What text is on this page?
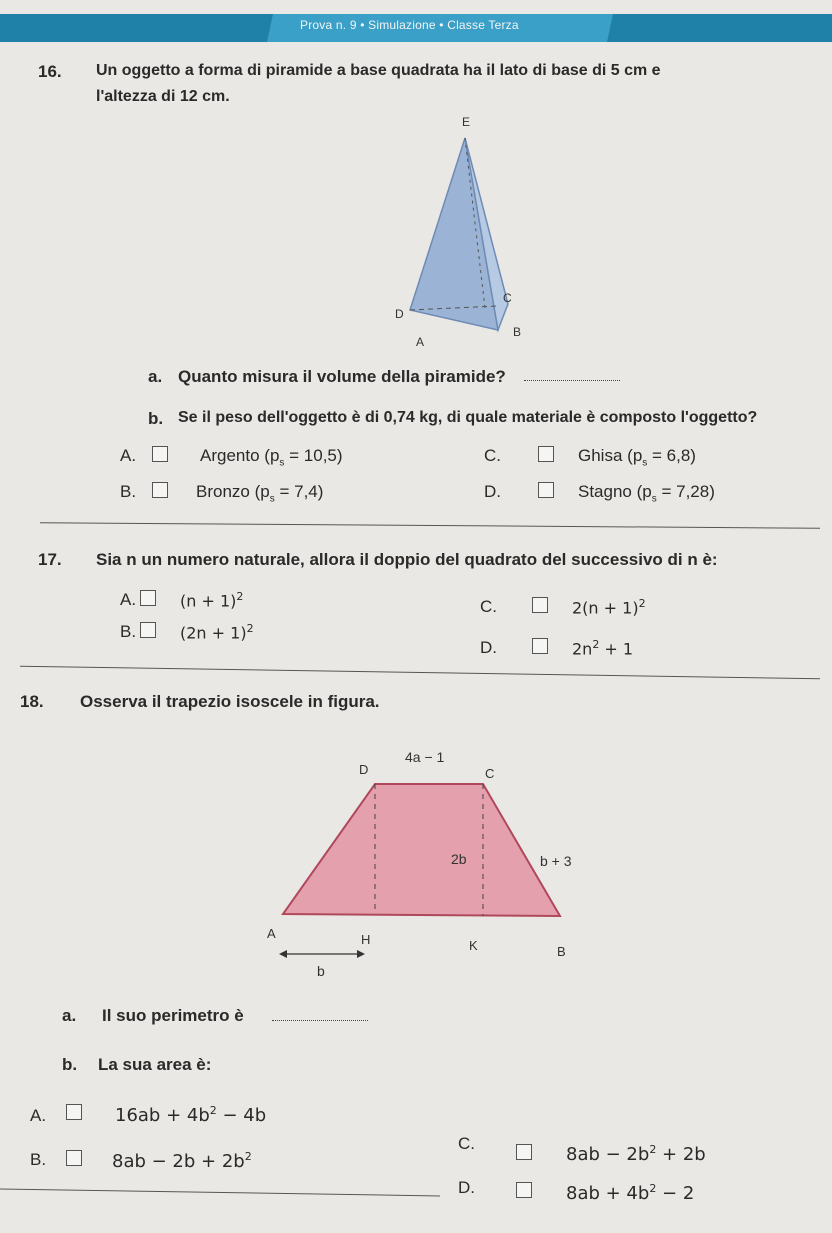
Prova n. 9 • Simulazione • Classe Terza
16. Un oggetto a forma di piramide a base quadrata ha il lato di base di 5 cm e
l'altezza di 12 cm.
E
D
C
A
B
a. Quanto misura il volume della piramide?
b. Se il peso dell'oggetto è di 0,74 kg, di quale materiale è composto l'oggetto?
A.	Argento $(p_s = 10,5)$
B.	Bronzo $(p_s = 7,4)$
C.	Ghisa $(p_s = 6,8)$
D.	Stagno $(p_s = 7,28)$
17. Sia n un numero naturale, allora il doppio del quadrato del successivo di n è:
A.	$(n + 1)^2$
B.	$(2n + 1)^2$
C.	$2(n + 1)^2$
D.	$2n^2 + 1$
18. Osserva il trapezio isoscele in figura.
4a − 1
2b	b + 3
D	C
A	H	K	B
b
a. Il suo perimetro è
b. La sua area è:
A.	$16ab + 4b^2 - 4b$
B.	$8ab - 2b + 2b^2$
C.
$8ab - 2b^2 + 2b$
D.	$8ab + 4b^2 - 2$
